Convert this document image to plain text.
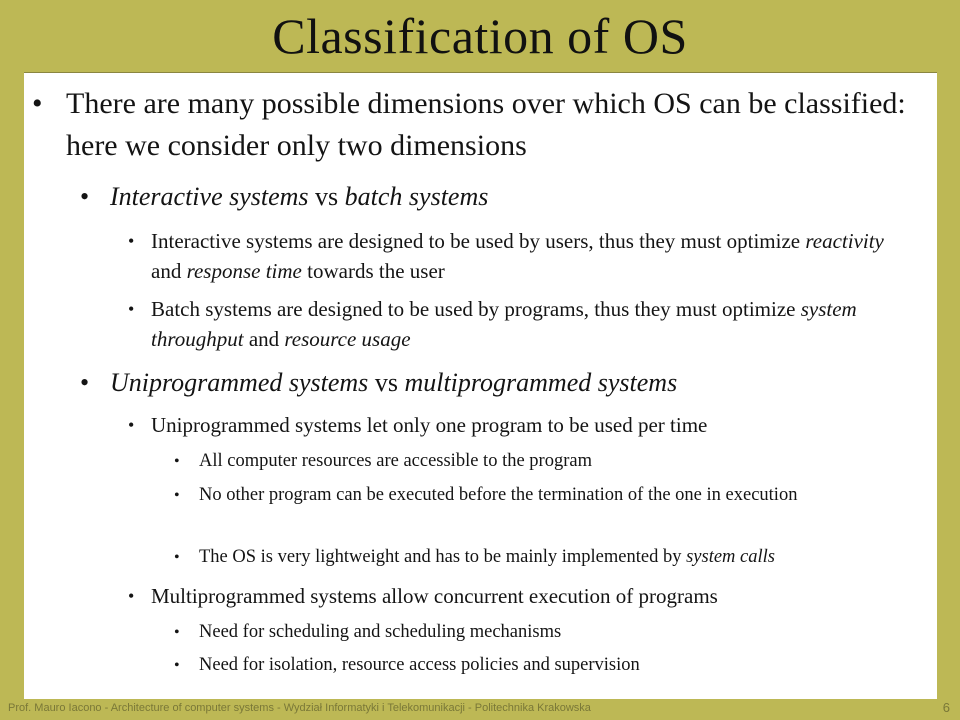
Classification of OS
• There are many possible dimensions over which OS can be classified: here we consider only two dimensions
• Interactive systems vs batch systems
• Interactive systems are designed to be used by users, thus they must optimize reactivity and response time towards the user
• Batch systems are designed to be used by programs, thus they must optimize system throughput and resource usage
• Uniprogrammed systems vs multiprogrammed systems
• Uniprogrammed systems let only one program to be used per time
•	All computer resources are accessible to the program
•	No other program can be executed before the termination of the one in execution
•	The OS is very lightweight and has to be mainly implemented by system calls
• Multiprogrammed systems allow concurrent execution of programs
•	Need for scheduling and scheduling mechanisms
•	Need for isolation, resource access policies and supervision
Prof. Mauro Iacono - Architecture of computer systems - Wydział Informatyki i Telekomunikacji - Politechnika Krakowska	6
